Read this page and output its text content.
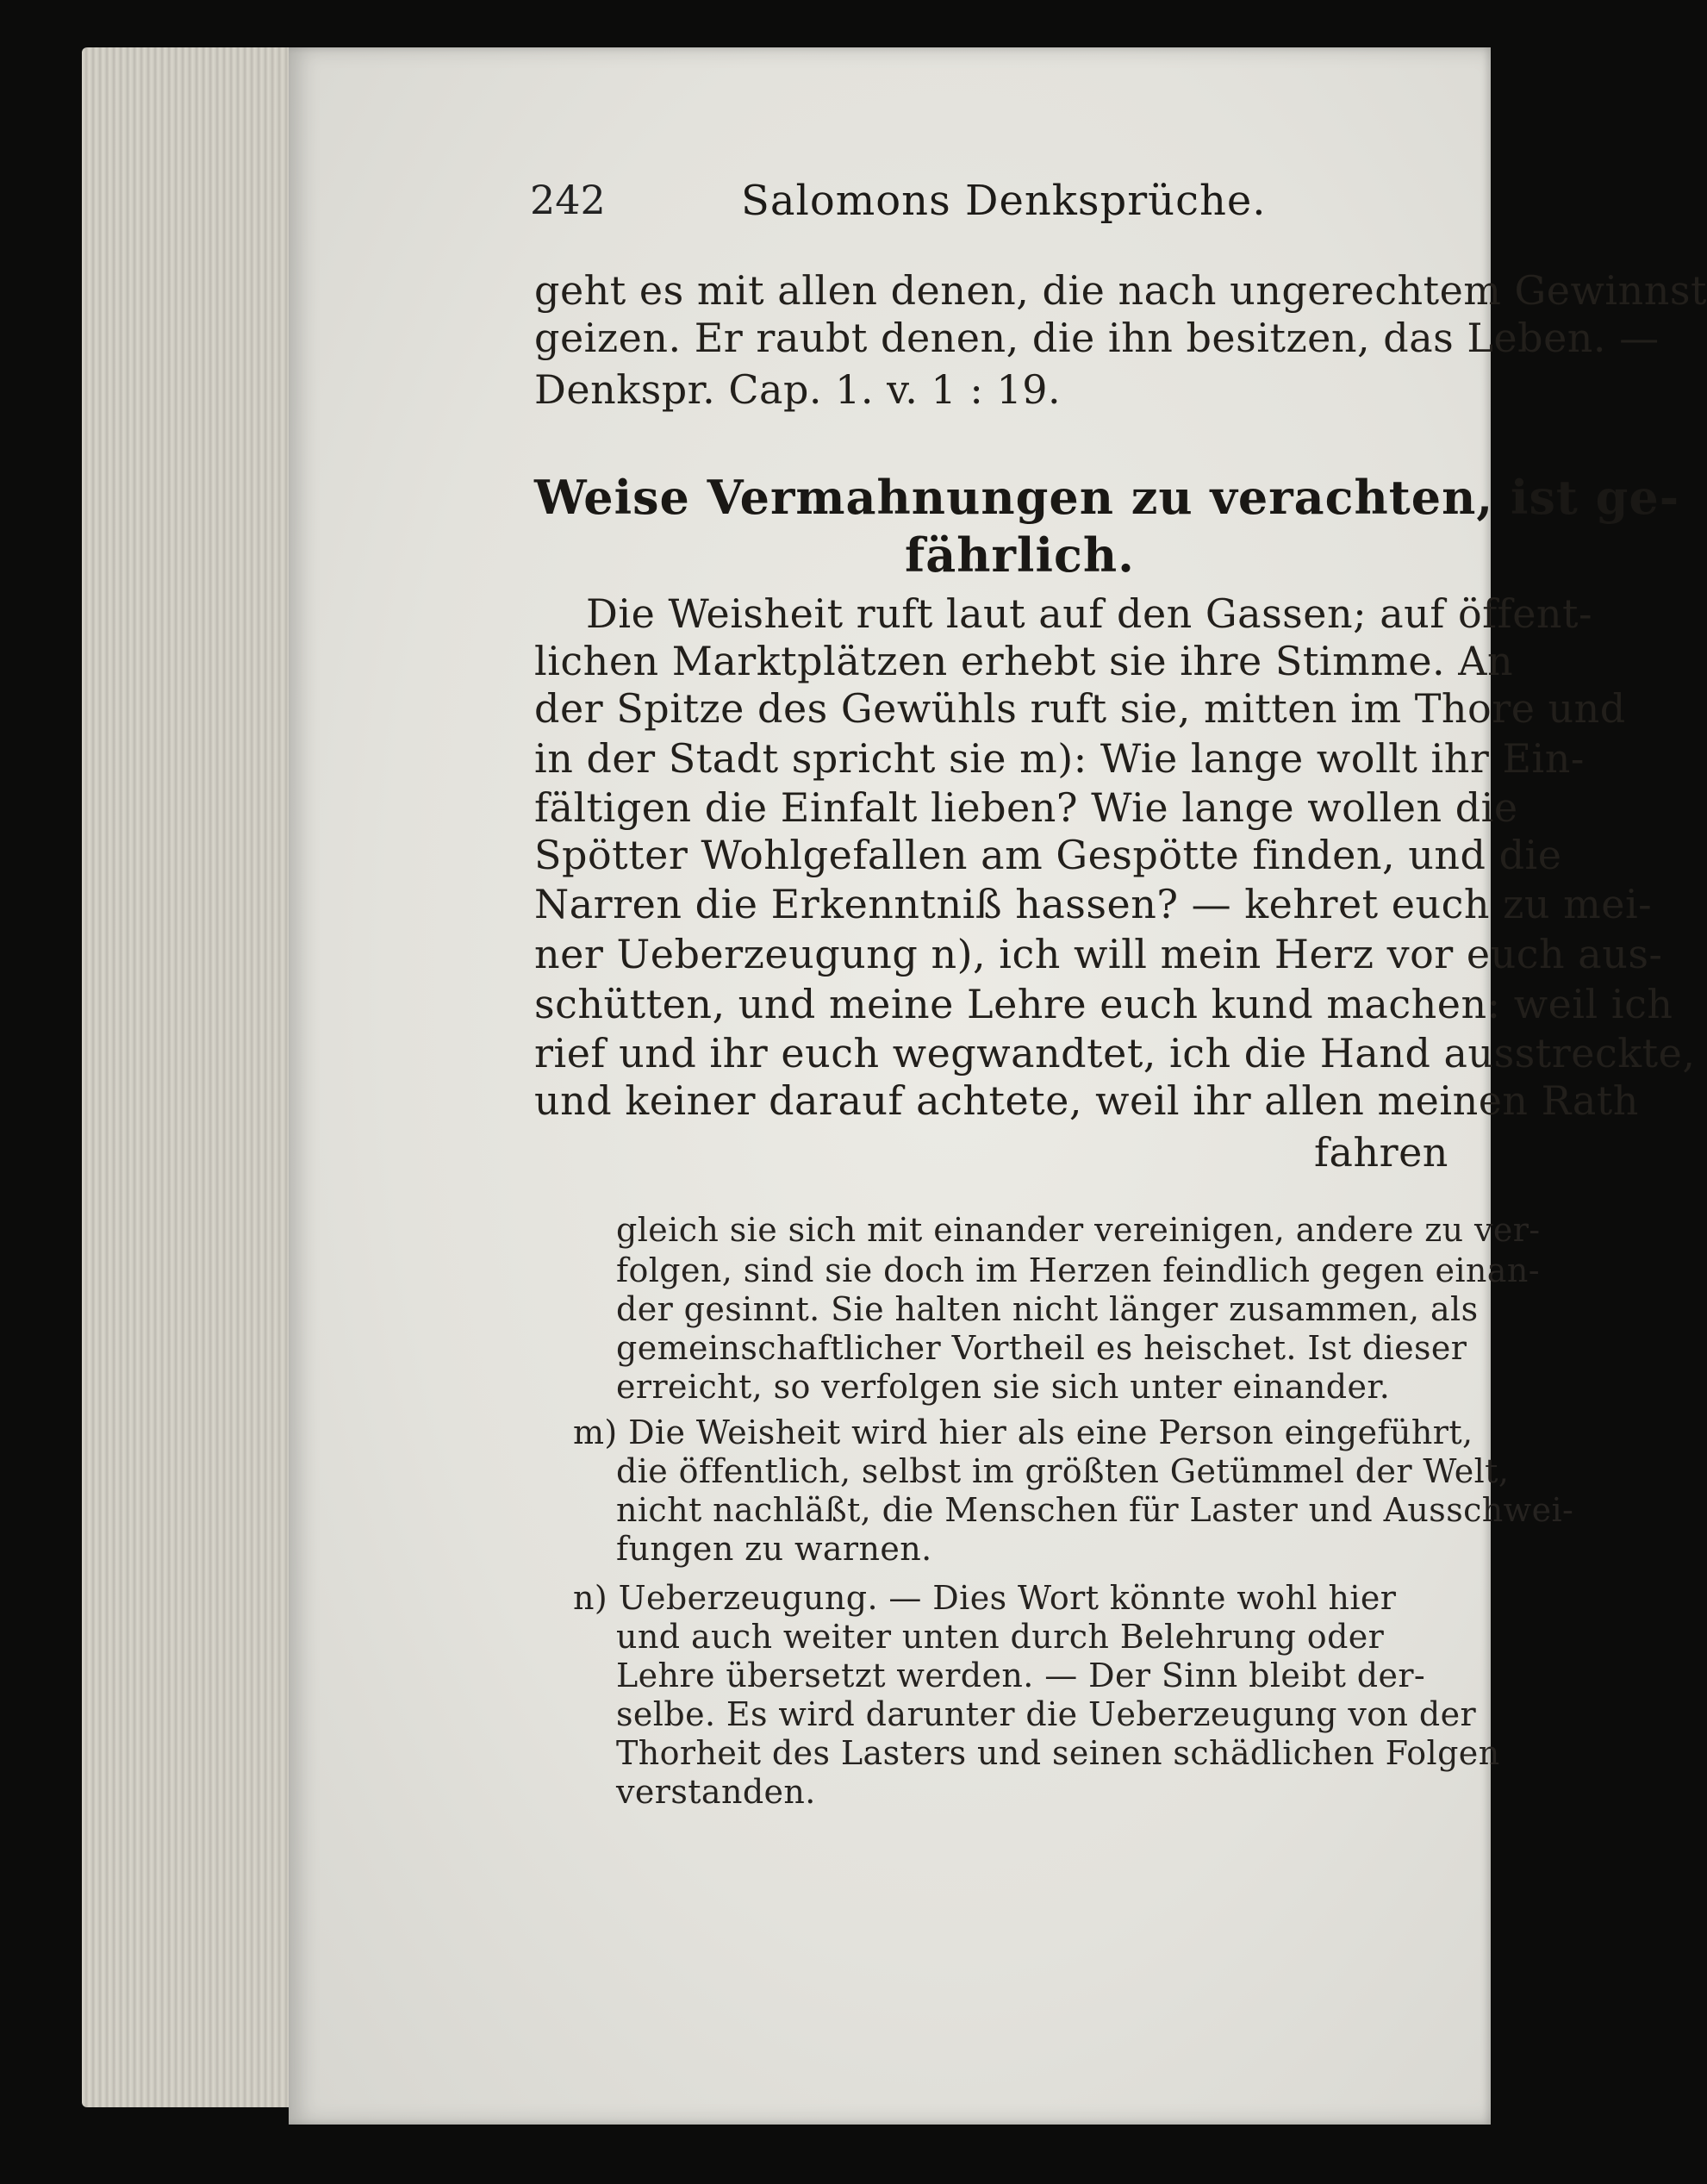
242	Salomons Denksprüche.
geht es mit allen denen, die nach ungerechtem Gewinnst
geizen. Er raubt denen, die ihn besitzen, das Leben. —
Denkspr. Cap. 1. v. 1 : 19.
Weise Vermahnungen zu verachten, ist ge-
fährlich.
Die Weisheit ruft laut auf den Gassen; auf öffent-
lichen Marktplätzen erhebt sie ihre Stimme. An
der Spitze des Gewühls ruft sie, mitten im Thore und
in der Stadt spricht sie m): Wie lange wollt ihr Ein-
fältigen die Einfalt lieben? Wie lange wollen die
Spötter Wohlgefallen am Gespötte finden, und die
Narren die Erkenntniß hassen? — kehret euch zu mei-
ner Ueberzeugung n), ich will mein Herz vor euch aus-
schütten, und meine Lehre euch kund machen: weil ich
rief und ihr euch wegwandtet, ich die Hand ausstreckte,
und keiner darauf achtete, weil ihr allen meinen Rath
fahren
gleich sie sich mit einander vereinigen, andere zu ver-
folgen, sind sie doch im Herzen feindlich gegen einan-
der gesinnt. Sie halten nicht länger zusammen, als
gemeinschaftlicher Vortheil es heischet. Ist dieser
erreicht, so verfolgen sie sich unter einander.
m) Die Weisheit wird hier als eine Person eingeführt,
die öffentlich, selbst im größten Getümmel der Welt,
nicht nachläßt, die Menschen für Laster und Ausschwei-
fungen zu warnen.
n) Ueberzeugung. — Dies Wort könnte wohl hier
und auch weiter unten durch Belehrung oder
Lehre übersetzt werden. — Der Sinn bleibt der-
selbe. Es wird darunter die Ueberzeugung von der
Thorheit des Lasters und seinen schädlichen Folgen
verstanden.
